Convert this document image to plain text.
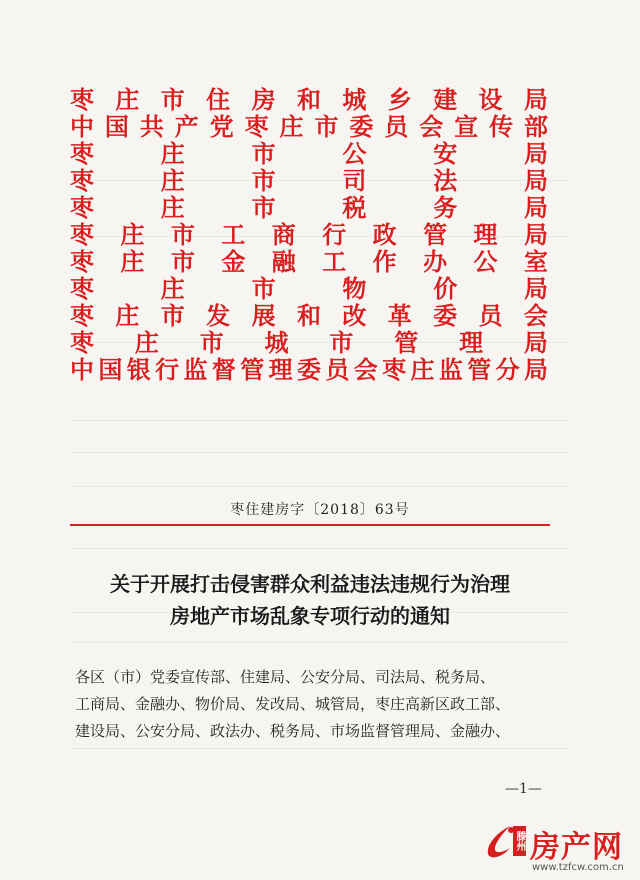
枣 庄 市 住 房 和 城 乡 建 设 局
中 国 共 产 党 枣 庄 市 委 员 会 宣 传 部
枣	庄	市	公	安	局
枣	庄	市	司	法	局
枣	庄	市	税	务	局
枣 庄 市 工 商 行 政 管 理 局
枣 庄 市 金 融 工 作 办 公 室
枣	庄	市	物	价	局
枣 庄 市 发 展 和 改 革 委 员 会
枣 庄 市 城 市 管 理 局
中 国 银 行 监 督 管 理 委 员 会 枣 庄 监 管 分 局
枣住建房字〔2018〕63号
关于开展打击侵害群众利益违法违规行为治理
房地产市场乱象专项行动的通知
各区（市）党委宣传部、住建局、公安分局、司法局、税务局、
工商局、金融办、物价局、发改局、城管局，枣庄高新区政工部、
建设局、公安分局、政法办、税务局、市场监督管理局、金融办、
—1—
滕州 房产网
www.tzfcw.com.cn
